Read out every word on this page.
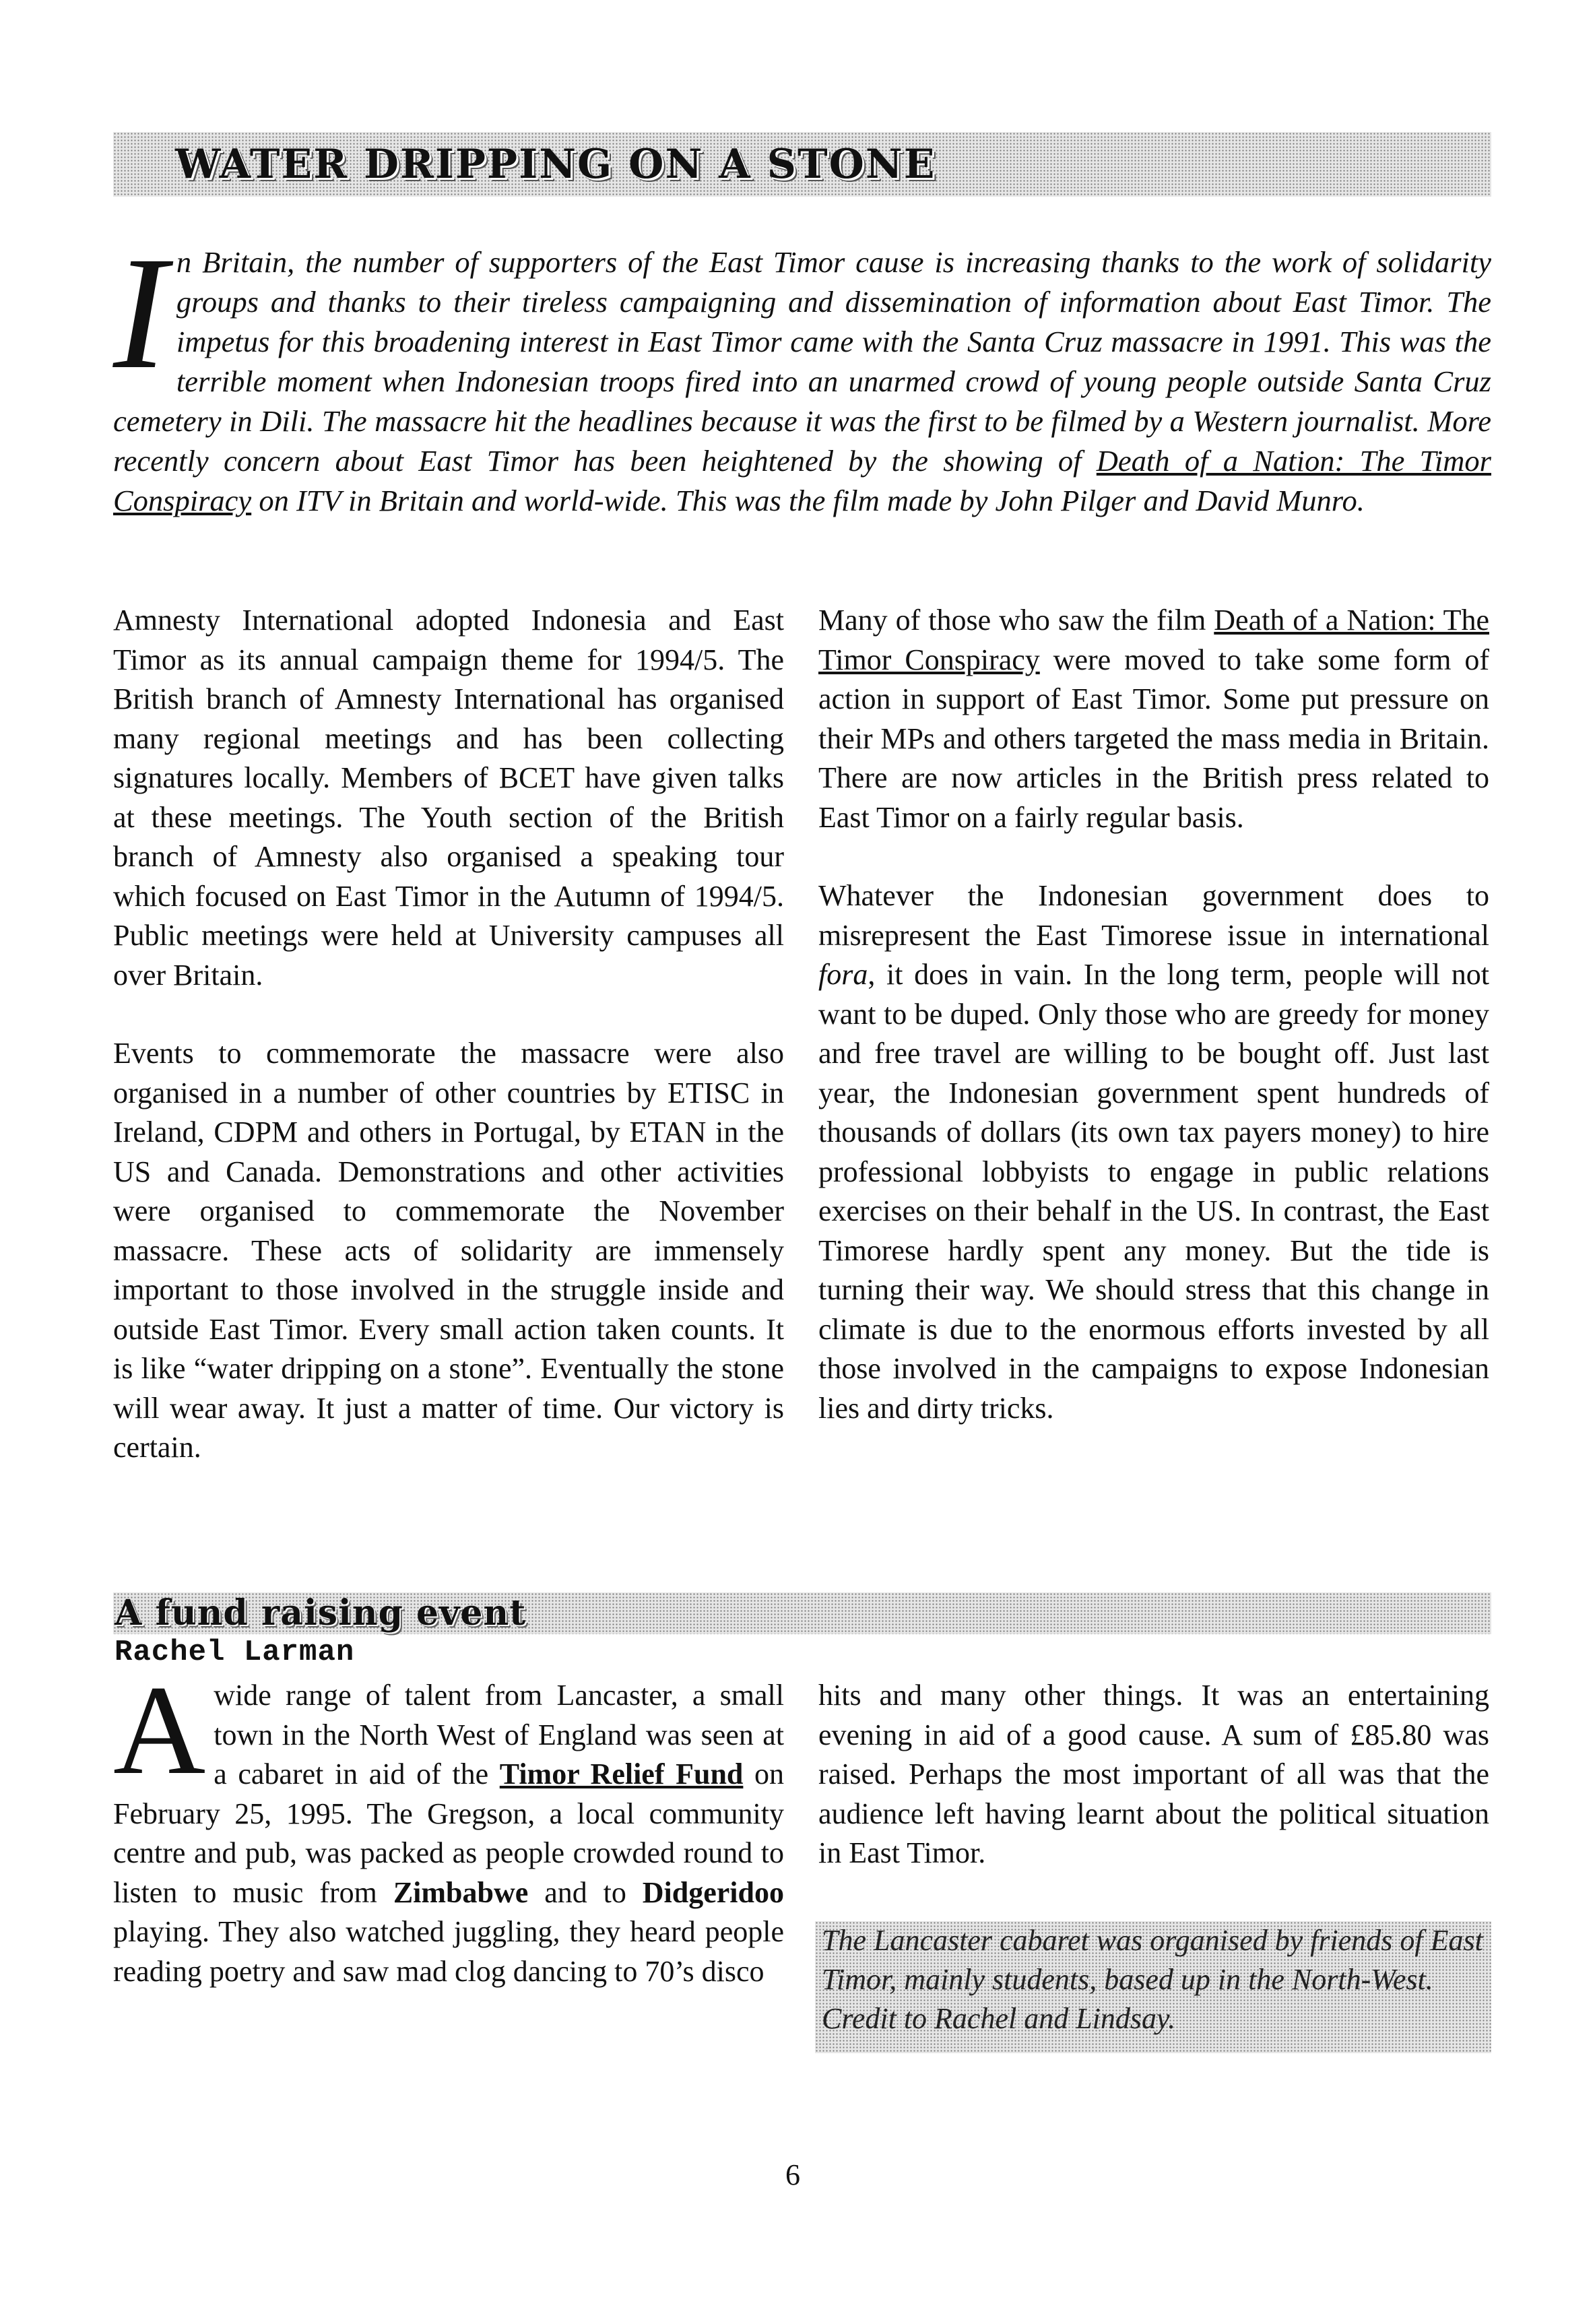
WATER DRIPPING ON A STONE

In Britain, the number of supporters of the East Timor cause is increasing thanks to the work of solidarity groups and thanks to their tireless campaigning and dissemination of information about East Timor. The impetus for this broadening interest in East Timor came with the Santa Cruz massacre in 1991. This was the terrible moment when Indonesian troops fired into an unarmed crowd of young people outside Santa Cruz cemetery in Dili. The massacre hit the headlines because it was the first to be filmed by a Western journalist. More recently concern about East Timor has been heightened by the showing of Death of a Nation: The Timor Conspiracy on ITV in Britain and world-wide. This was the film made by John Pilger and David Munro.

Amnesty International adopted Indonesia and East Timor as its annual campaign theme for 1994/5. The British branch of Amnesty International has organised many regional meetings and has been collecting signatures locally. Members of BCET have given talks at these meetings. The Youth section of the British branch of Amnesty also organised a speaking tour which focused on East Timor in the Autumn of 1994/5. Public meetings were held at University campuses all over Britain.

Events to commemorate the massacre were also organised in a number of other countries by ETISC in Ireland, CDPM and others in Portugal, by ETAN in the US and Canada. Demonstrations and other activities were organised to commemorate the November massacre. These acts of solidarity are immensely important to those involved in the struggle inside and outside East Timor. Every small action taken counts. It is like “water dripping on a stone”. Eventually the stone will wear away. It just a matter of time. Our victory is certain.

Many of those who saw the film Death of a Nation: The Timor Conspiracy were moved to take some form of action in support of East Timor. Some put pressure on their MPs and others targeted the mass media in Britain. There are now articles in the British press related to East Timor on a fairly regular basis.

Whatever the Indonesian government does to misrepresent the East Timorese issue in international fora, it does in vain. In the long term, people will not want to be duped. Only those who are greedy for money and free travel are willing to be bought off. Just last year, the Indonesian government spent hundreds of thousands of dollars (its own tax payers money) to hire professional lobbyists to engage in public relations exercises on their behalf in the US. In contrast, the East Timorese hardly spent any money. But the tide is turning their way. We should stress that this change in climate is due to the enormous efforts invested by all those involved in the campaigns to expose Indonesian lies and dirty tricks.

A fund raising event
Rachel Larman

A wide range of talent from Lancaster, a small town in the North West of England was seen at a cabaret in aid of the Timor Relief Fund on February 25, 1995. The Gregson, a local community centre and pub, was packed as people crowded round to listen to music from Zimbabwe and to Didgeridoo playing. They also watched juggling, they heard people reading poetry and saw mad clog dancing to 70’s disco

hits and many other things. It was an entertaining evening in aid of a good cause. A sum of £85.80 was raised. Perhaps the most important of all was that the audience left having learnt about the political situation in East Timor.

The Lancaster cabaret was organised by friends of East Timor, mainly students, based up in the North-West. Credit to Rachel and Lindsay.
6
